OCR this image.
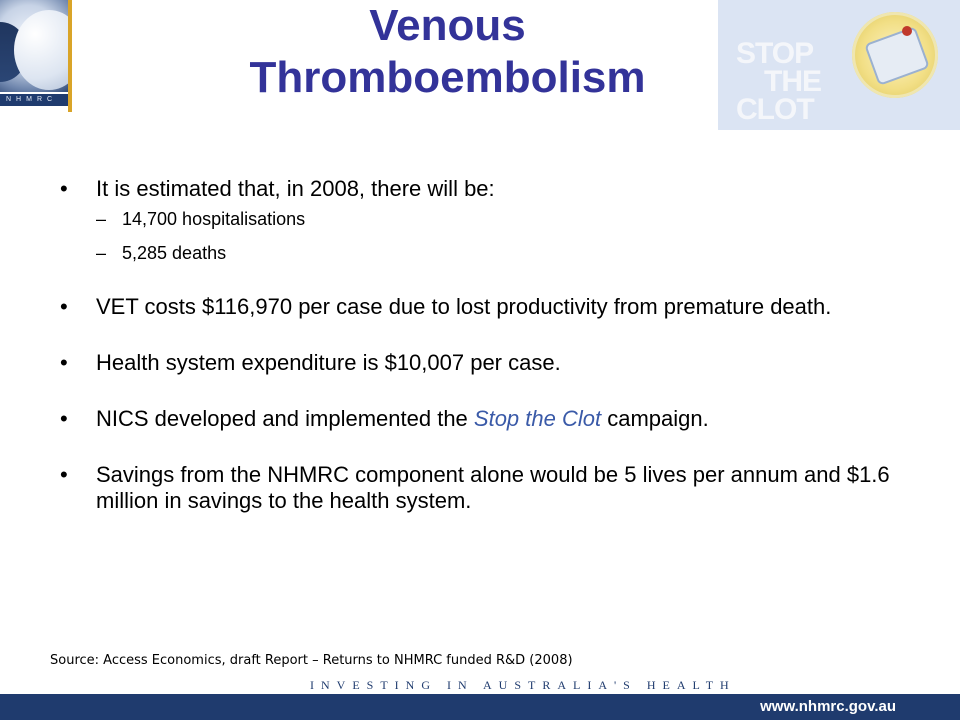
NHMRC
Venous
Thromboembolism	STOP
THE
CLOT
• It is estimated that, in 2008, there will be:
– 14,700 hospitalisations
– 5,285 deaths
• VET costs $116,970 per case due to lost productivity from premature death.
• Health system expenditure is $10,007 per case.
• NICS developed and implemented the Stop the Clot campaign.
• Savings from the NHMRC component alone would be 5 lives per annum and $1.6 million in savings to the health system.
Source: Access Economics, draft Report – Returns to NHMRC funded R&D (2008)
INVESTING IN AUSTRALIA'S HEALTH
www.nhmrc.gov.au
